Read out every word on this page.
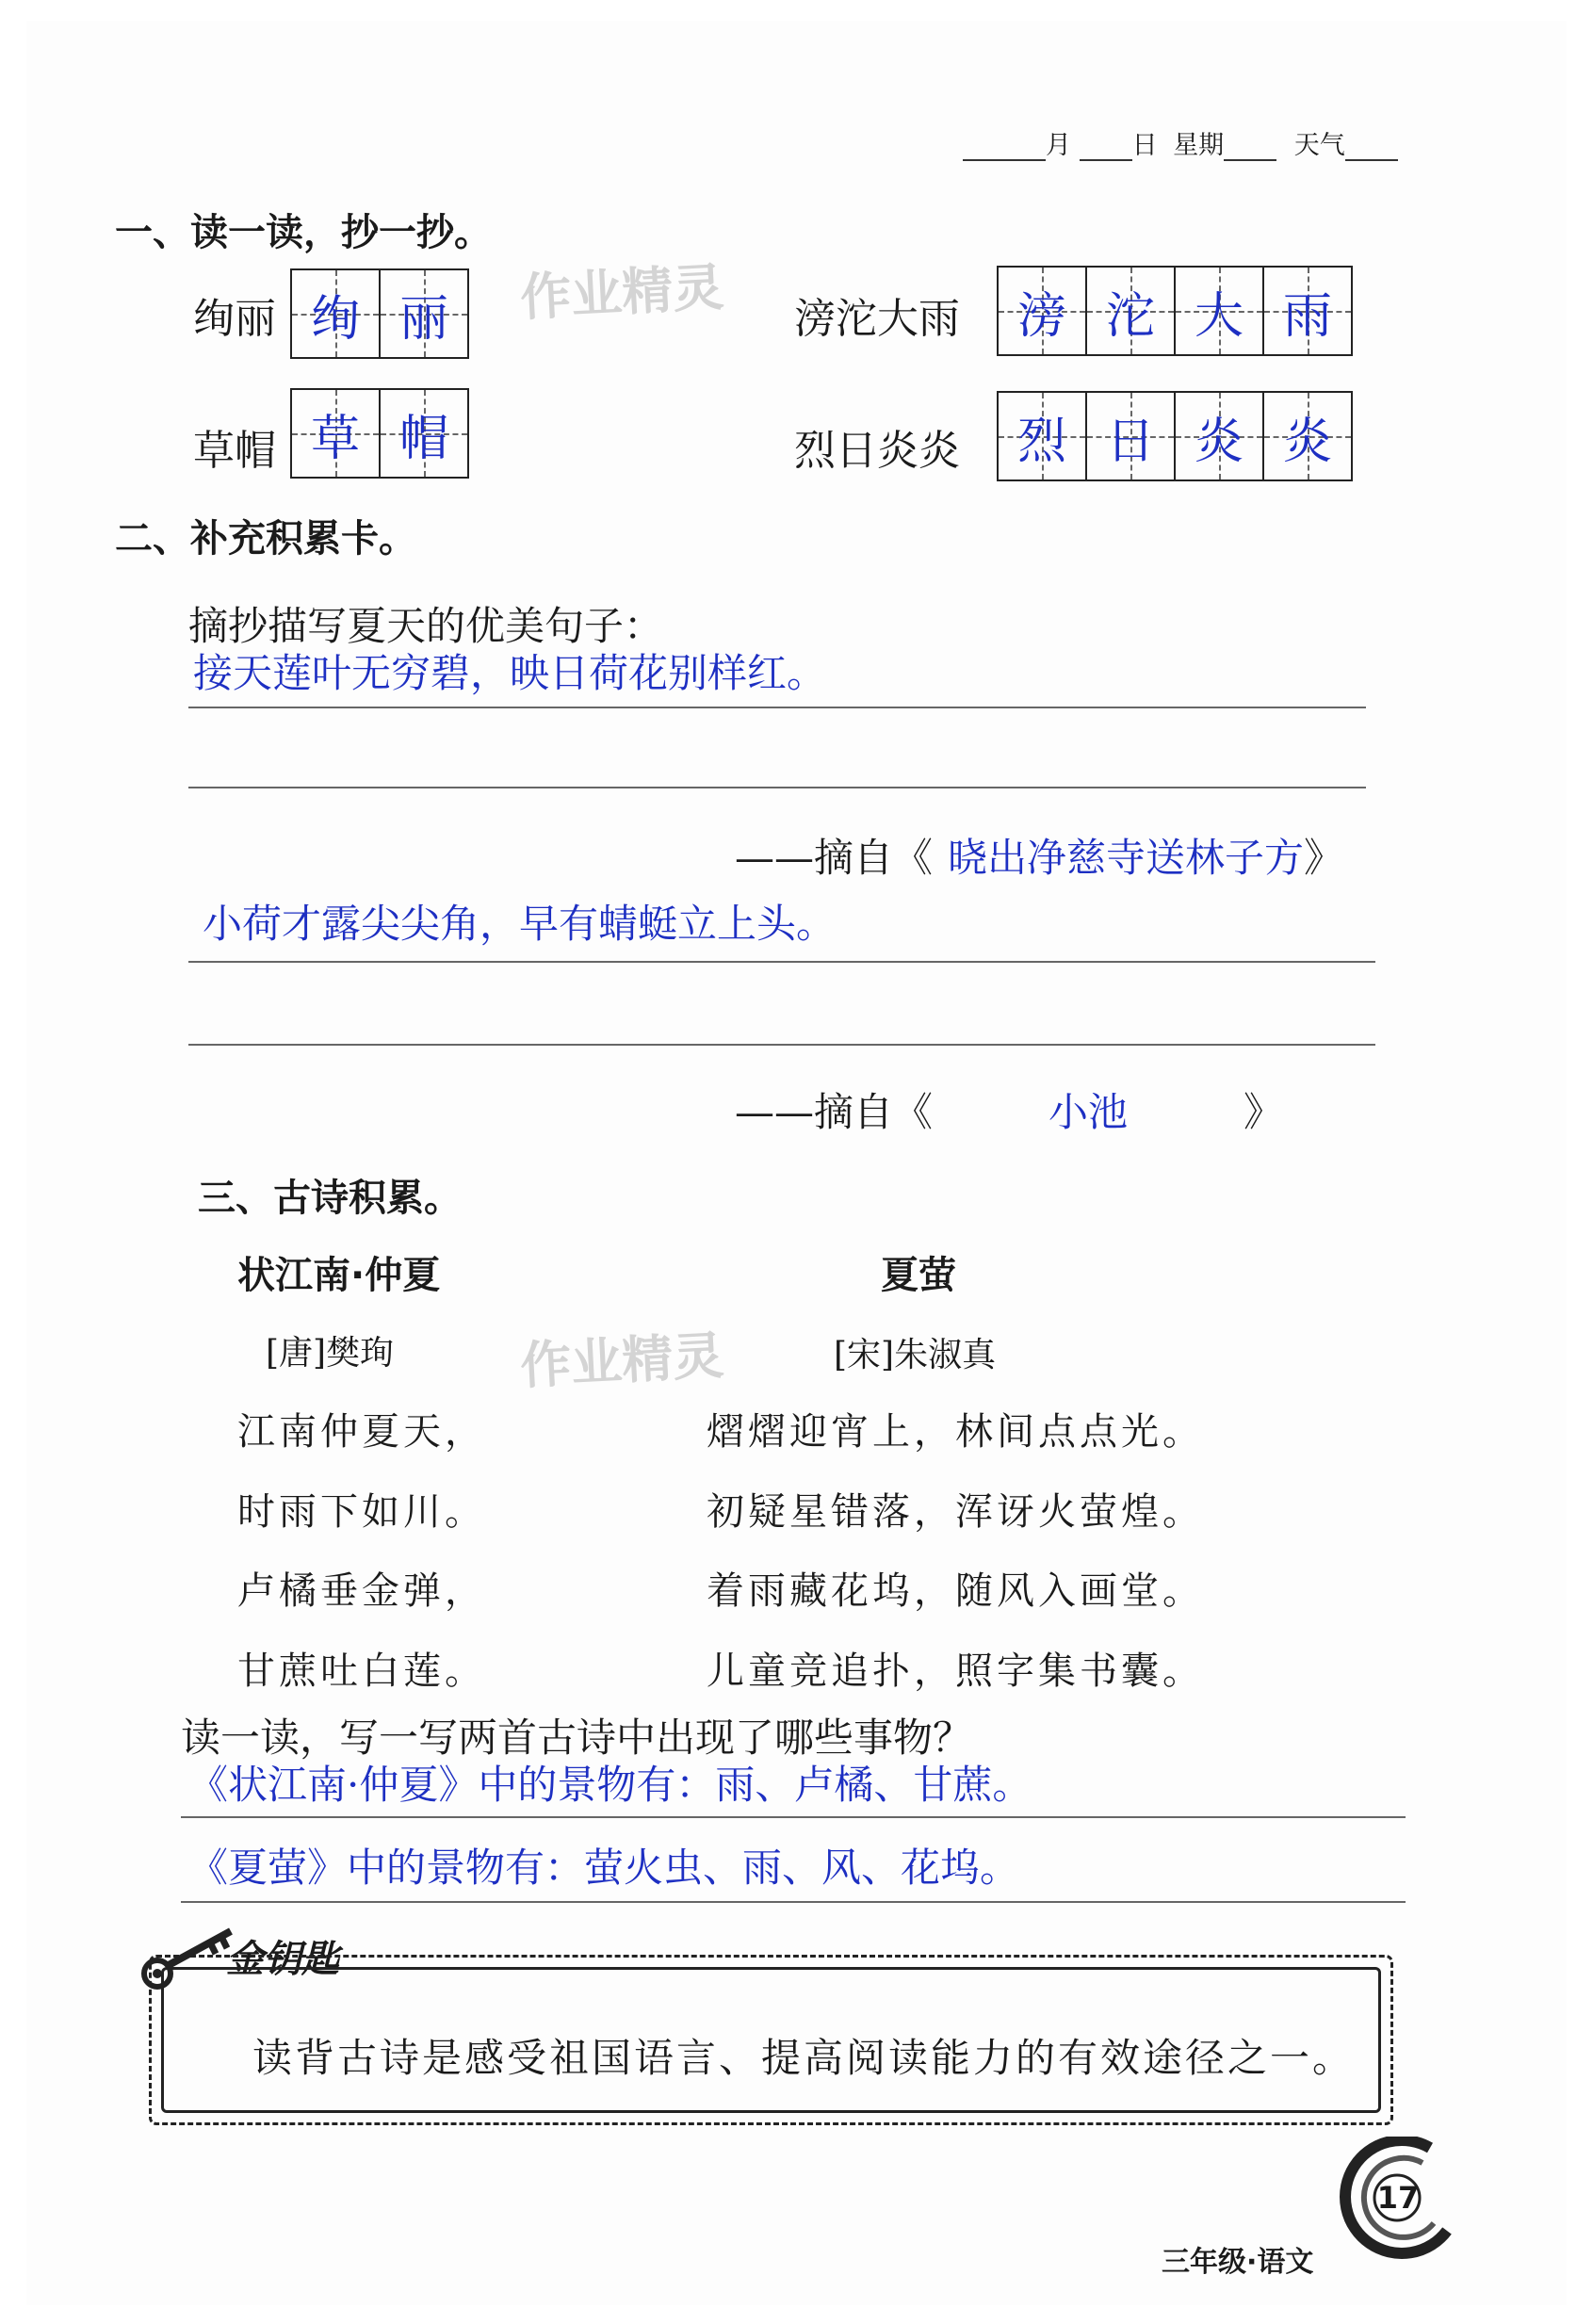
月 日 星期	天气
一、读一读，抄一抄。
作业精灵
绚丽 绚 丽	滂沱大雨 滂 沱 大 雨
草帽 草 帽	烈日炎炎 烈 日 炎 炎
二、补充积累卡。
摘抄描写夏天的优美句子：
接天莲叶无穷碧，映日荷花别样红。
——摘自《 晓出净慈寺送林子方》
小荷才露尖尖角，早有蜻蜓立上头。
——摘自《	小池	》
三、古诗积累。
状江南·仲夏	夏萤
作业精灵
[唐]樊珣	[宋]朱淑真
江南仲夏天，
时雨下如川。
卢橘垂金弹，
甘蔗吐白莲。
熠熠迎宵上，林间点点光。
初疑星错落，浑讶火萤煌。
着雨藏花坞，随风入画堂。
儿童竞追扑，照字集书囊。
读一读，写一写两首古诗中出现了哪些事物？
《状江南·仲夏》中的景物有：雨、卢橘、甘蔗。
《夏萤》中的景物有：萤火虫、雨、风、花坞。
金钥匙
读背古诗是感受祖国语言、提高阅读能力的有效途径之一。
17
三年级·语文
